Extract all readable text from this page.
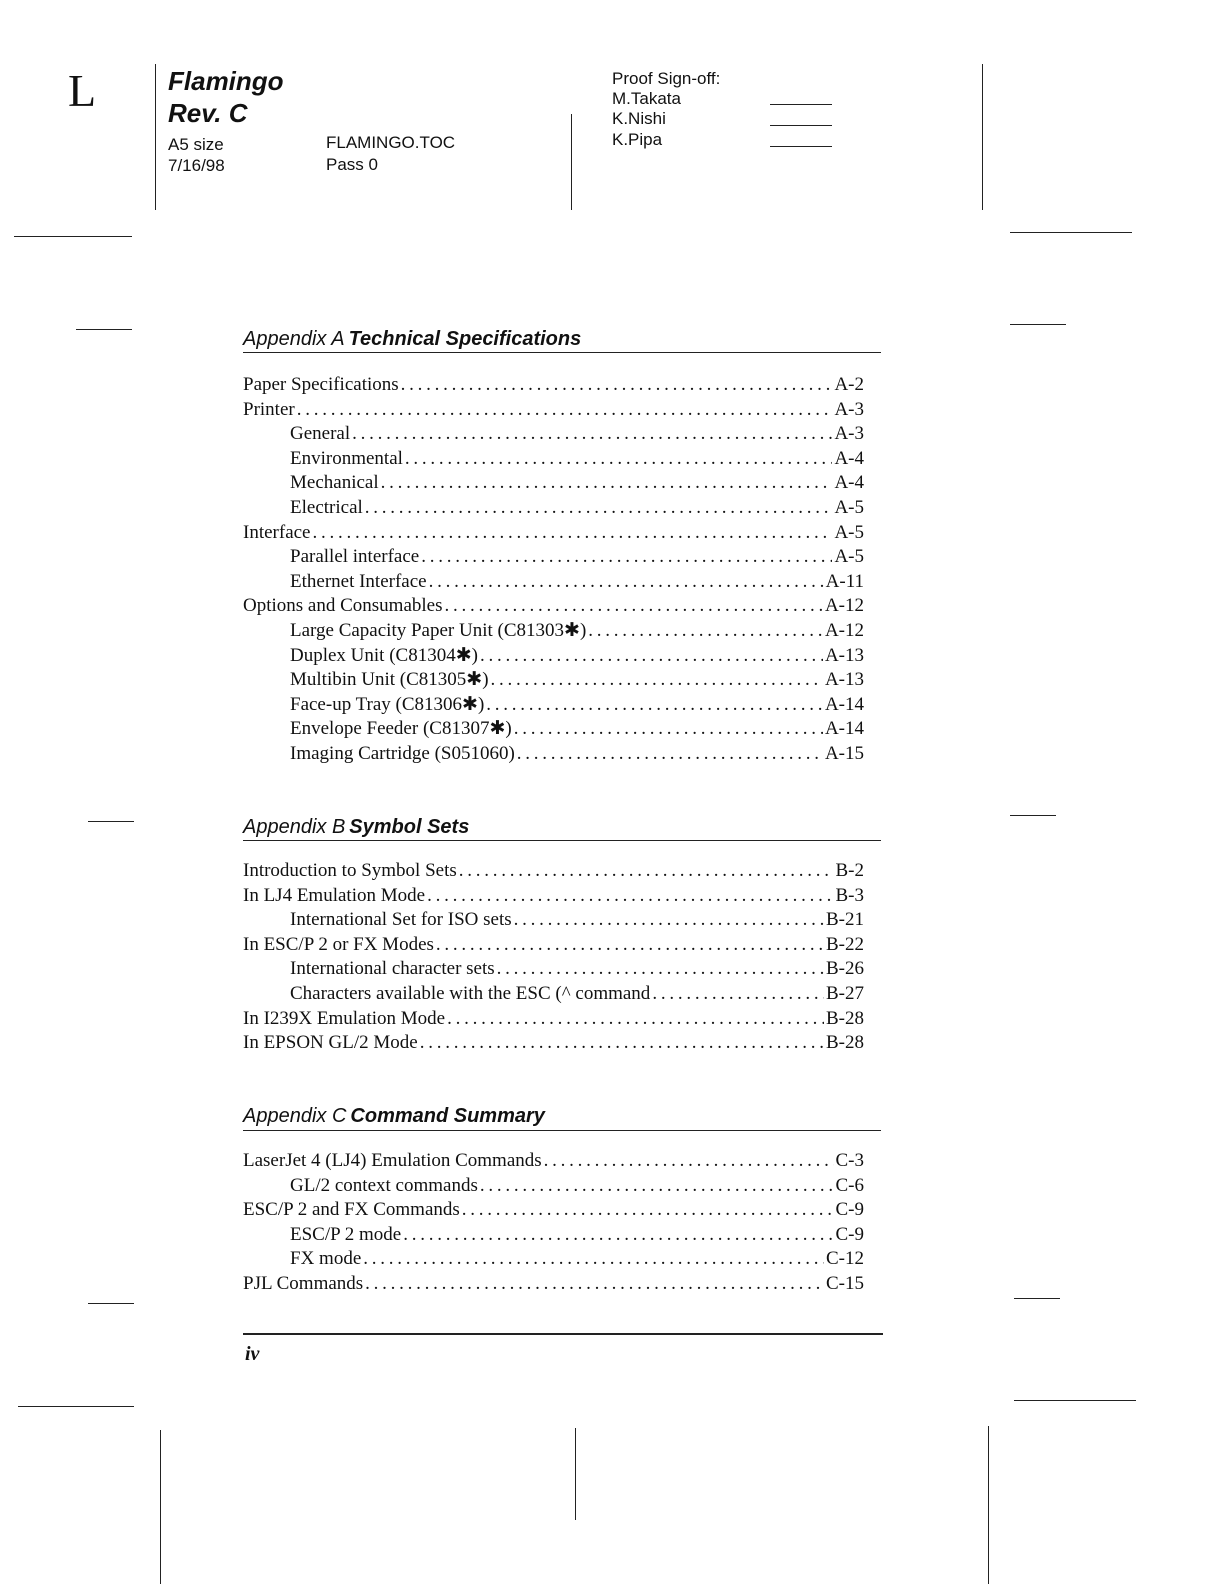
L	Flamingo
Rev. C
A5 size
7/16/98
FLAMINGO.TOC
Pass 0
Proof Sign-off:
M.Takata
K.Nishi
K.Pipa
Appendix A Technical Specifications
Paper Specifications . . .	A-2
Printer . . .	A-3
General . . .	A-3
Environmental . . .	A-4
Mechanical . . .	A-4
Electrical . . .	A-5
Interface . . .	A-5
Parallel interface . . .	A-5
Ethernet Interface . . .	A-11
Options and Consumables . . .	A-12
Large Capacity Paper Unit (C81303✱) . . .	A-12
Duplex Unit (C81304✱) . . .	A-13
Multibin Unit (C81305✱) . . .	A-13
Face-up Tray (C81306✱) . . .	A-14
Envelope Feeder (C81307✱) . . .	A-14
Imaging Cartridge (S051060) . . .	A-15
Appendix B Symbol Sets
Introduction to Symbol Sets . . .	B-2
In LJ4 Emulation Mode . . .	B-3
International Set for ISO sets . . .	B-21
In ESC/P 2 or FX Modes . . .	B-22
International character sets . . .	B-26
Characters available with the ESC (^ command . . .	B-27
In I239X Emulation Mode . . .	B-28
In EPSON GL/2 Mode . . .	B-28
Appendix C Command Summary
LaserJet 4 (LJ4) Emulation Commands . . .	C-3
GL/2 context commands . . .	C-6
ESC/P 2 and FX Commands . . .	C-9
ESC/P 2 mode . . .	C-9
FX mode . . .	C-12
PJL Commands . . .	C-15
iv
